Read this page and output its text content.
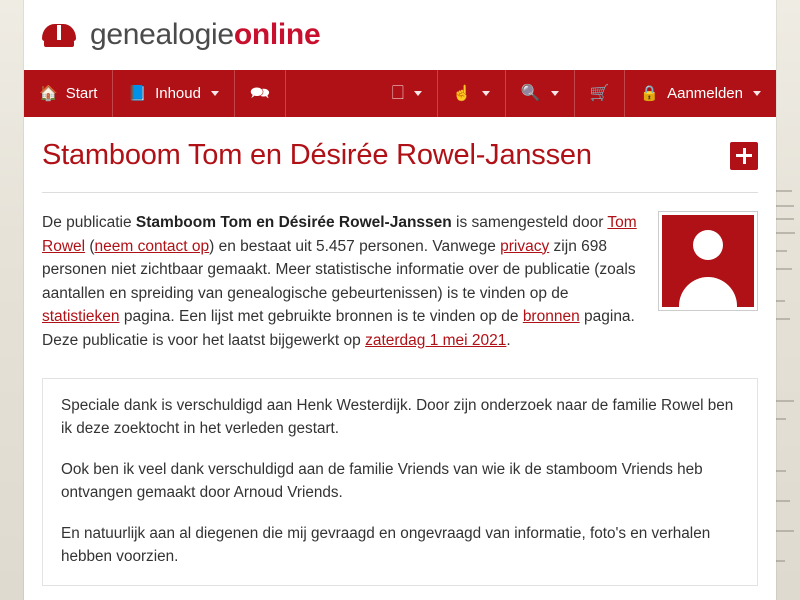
genealogieonline
🏠 Start 📘 Inhoud	🗪	🗌	☝	🔍	🛒 🔒 Aanmelden
Stamboom Tom en Désirée Rowel-Janssen

De publicatie Stamboom Tom en Désirée Rowel-Janssen is samengesteld door Tom Rowel (neem contact op) en bestaat uit 5.457 personen. Vanwege privacy zijn 698 personen niet zichtbaar gemaakt. Meer statistische informatie over de publicatie (zoals aantallen en spreiding van genealogische gebeurtenissen) is te vinden op de statistieken pagina. Een lijst met gebruikte bronnen is te vinden op de bronnen pagina. Deze publicatie is voor het laatst bijgewerkt op zaterdag 1 mei 2021.

Speciale dank is verschuldigd aan Henk Westerdijk. Door zijn onderzoek naar de familie Rowel ben ik deze zoektocht in het verleden gestart.

Ook ben ik veel dank verschuldigd aan de familie Vriends van wie ik de stamboom Vriends heb ontvangen gemaakt door Arnoud Vriends.

En natuurlijk aan al diegenen die mij gevraagd en ongevraagd van informatie, foto's en verhalen hebben voorzien.
